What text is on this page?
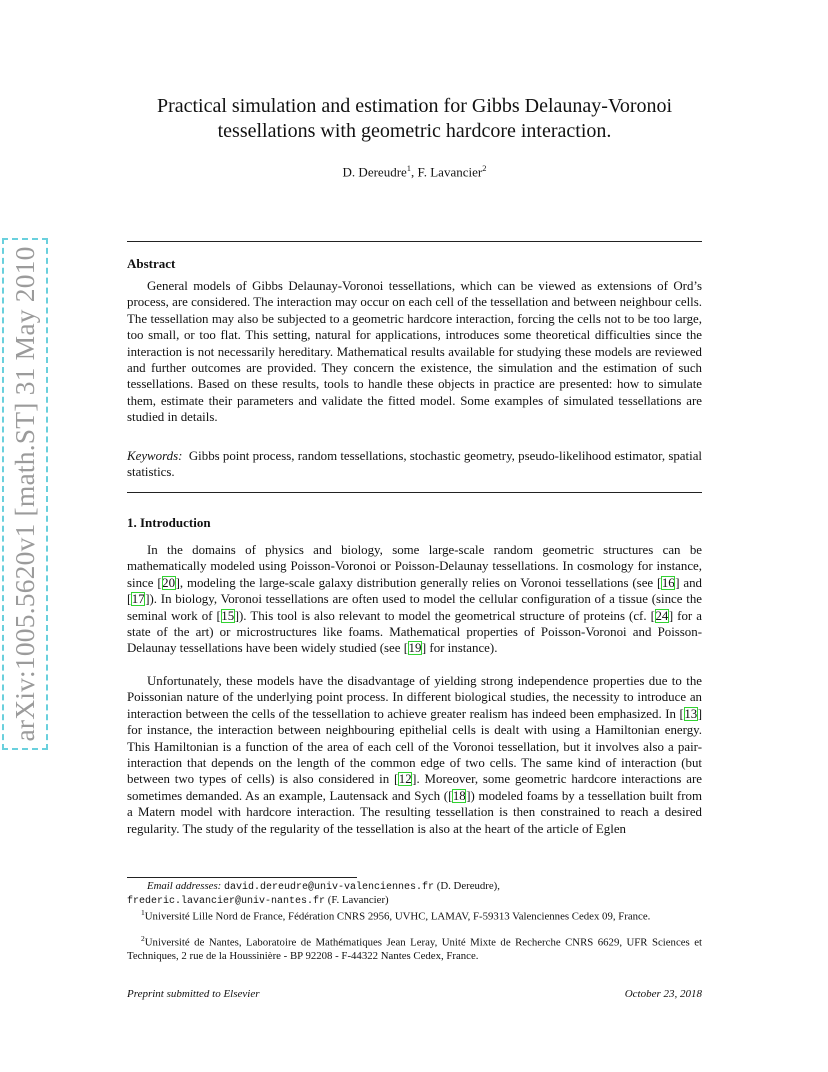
arXiv:1005.5620v1 [math.ST] 31 May 2010
Practical simulation and estimation for Gibbs Delaunay-Voronoi
tessellations with geometric hardcore interaction.
D. Dereudre$^1$, F. Lavancier$^2$
Abstract

General models of Gibbs Delaunay-Voronoi tessellations, which can be viewed as extensions of Ord’s process, are considered. The interaction may occur on each cell of the tessellation and between neighbour cells. The tessellation may also be subjected to a geometric hardcore interaction, forcing the cells not to be too large, too small, or too flat. This setting, natural for applications, introduces some theoretical difficulties since the interaction is not necessarily hereditary. Mathematical results available for studying these models are reviewed and further outcomes are provided. They concern the existence, the simulation and the estimation of such tessellations. Based on these results, tools to handle these objects in practice are presented: how to simulate them, estimate their parameters and validate the fitted model. Some examples of simulated tessellations are studied in details.

Keywords: Gibbs point process, random tessellations, stochastic geometry, pseudo-likelihood estimator, spatial statistics.

1. Introduction

In the domains of physics and biology, some large-scale random geometric structures can be mathematically modeled using Poisson-Voronoi or Poisson-Delaunay tessellations. In cosmology for instance, since [20], modeling the large-scale galaxy distribution generally relies on Voronoi tessellations (see [16] and [17]). In biology, Voronoi tessellations are often used to model the cellular configuration of a tissue (since the seminal work of [15]). This tool is also relevant to model the geometrical structure of proteins (cf. [24] for a state of the art) or microstructures like foams. Mathematical properties of Poisson-Voronoi and Poisson-Delaunay tessellations have been widely studied (see [19] for instance).

Unfortunately, these models have the disadvantage of yielding strong independence properties due to the Poissonian nature of the underlying point process. In different biological studies, the necessity to introduce an interaction between the cells of the tessellation to achieve greater realism has indeed been emphasized. In [13] for instance, the interaction between neighbouring epithelial cells is dealt with using a Hamiltonian energy. This Hamiltonian is a function of the area of each cell of the Voronoi tessellation, but it involves also a pair-interaction that depends on the length of the common edge of two cells. The same kind of interaction (but between two types of cells) is also considered in [12]. Moreover, some geometric hardcore interactions are sometimes demanded. As an example, Lautensack and Sych ([18]) modeled foams by a tessellation built from a Matern model with hardcore interaction. The resulting tessellation is then constrained to reach a desired regularity. The study of the regularity of the tessellation is also at the heart of the article of Eglen

Email addresses: david.dereudre@univ-valenciennes.fr (D. Dereudre),
frederic.lavancier@univ-nantes.fr (F. Lavancier)

$^1$Université Lille Nord de France, Fédération CNRS 2956, UVHC, LAMAV, F-59313 Valenciennes Cedex 09, France.

$^2$Université de Nantes, Laboratoire de Mathématiques Jean Leray, Unité Mixte de Recherche CNRS 6629, UFR Sciences et Techniques, 2 rue de la Houssinière - BP 92208 - F-44322 Nantes Cedex, France.

Preprint submitted to Elsevier	October 23, 2018
